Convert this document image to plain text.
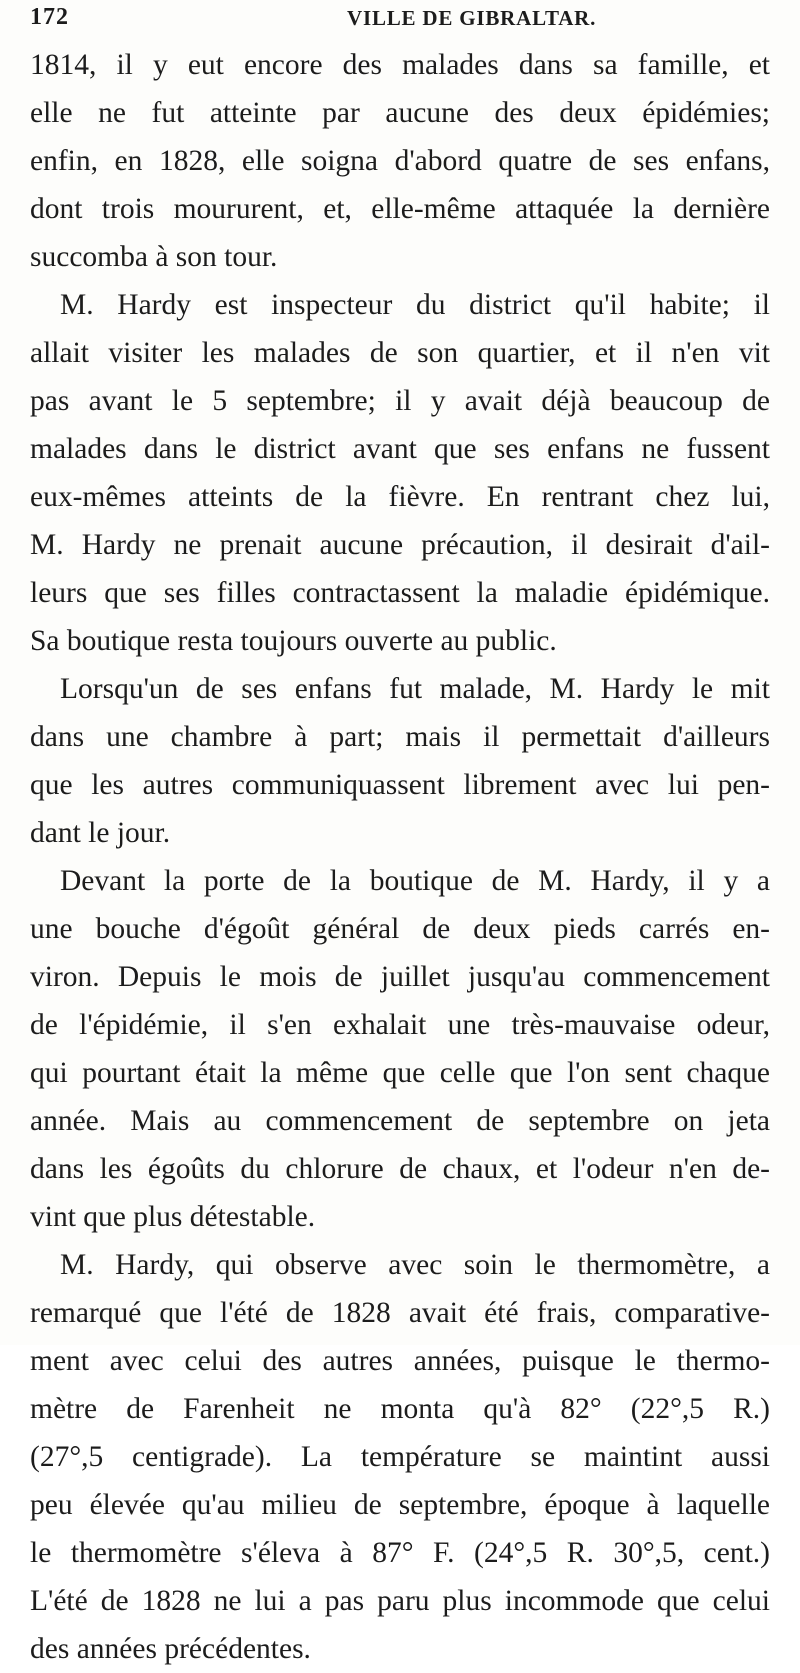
172	VILLE DE GIBRALTAR.
1814, il y eut encore des malades dans sa famille, et
elle ne fut atteinte par aucune des deux épidémies;
enfin, en 1828, elle soigna d'abord quatre de ses enfans,
dont trois moururent, et, elle-même attaquée la dernière
succomba à son tour.
M. Hardy est inspecteur du district qu'il habite; il
allait visiter les malades de son quartier, et il n'en vit
pas avant le 5 septembre; il y avait déjà beaucoup de
malades dans le district avant que ses enfans ne fussent
eux-mêmes atteints de la fièvre. En rentrant chez lui,
M. Hardy ne prenait aucune précaution, il desirait d'ail-
leurs que ses filles contractassent la maladie épidémique.
Sa boutique resta toujours ouverte au public.
Lorsqu'un de ses enfans fut malade, M. Hardy le mit
dans une chambre à part; mais il permettait d'ailleurs
que les autres communiquassent librement avec lui pen-
dant le jour.
Devant la porte de la boutique de M. Hardy, il y a
une bouche d'égoût général de deux pieds carrés en-
viron. Depuis le mois de juillet jusqu'au commencement
de l'épidémie, il s'en exhalait une très-mauvaise odeur,
qui pourtant était la même que celle que l'on sent chaque
année. Mais au commencement de septembre on jeta
dans les égoûts du chlorure de chaux, et l'odeur n'en de-
vint que plus détestable.
M. Hardy, qui observe avec soin le thermomètre, a
remarqué que l'été de 1828 avait été frais, comparative-
ment avec celui des autres années, puisque le thermo-
mètre de Farenheit ne monta qu'à 82° (22°,5 R.)
(27°,5 centigrade). La température se maintint aussi
peu élevée qu'au milieu de septembre, époque à laquelle
le thermomètre s'éleva à 87° F. (24°,5 R. 30°,5, cent.)
L'été de 1828 ne lui a pas paru plus incommode que celui
des années précédentes.
